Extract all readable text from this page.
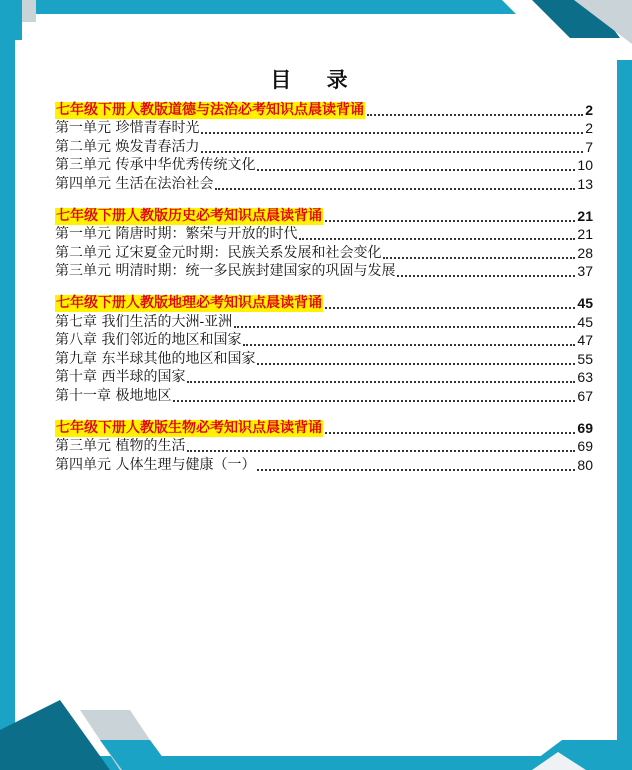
目 录
七年级下册人教版道德与法治必考知识点晨读背诵	2
第一单元 珍惜青春时光	2
第二单元 焕发青春活力	7
第三单元 传承中华优秀传统文化	10
第四单元 生活在法治社会	13
七年级下册人教版历史必考知识点晨读背诵	21
第一单元 隋唐时期：繁荣与开放的时代	21
第二单元 辽宋夏金元时期：民族关系发展和社会变化	28
第三单元 明清时期：统一多民族封建国家的巩固与发展	37
七年级下册人教版地理必考知识点晨读背诵	45
第七章 我们生活的大洲-亚洲	45
第八章 我们邻近的地区和国家	47
第九章 东半球其他的地区和国家	55
第十章 西半球的国家	63
第十一章 极地地区	67
七年级下册人教版生物必考知识点晨读背诵	69
第三单元 植物的生活	69
第四单元 人体生理与健康（一）	80
